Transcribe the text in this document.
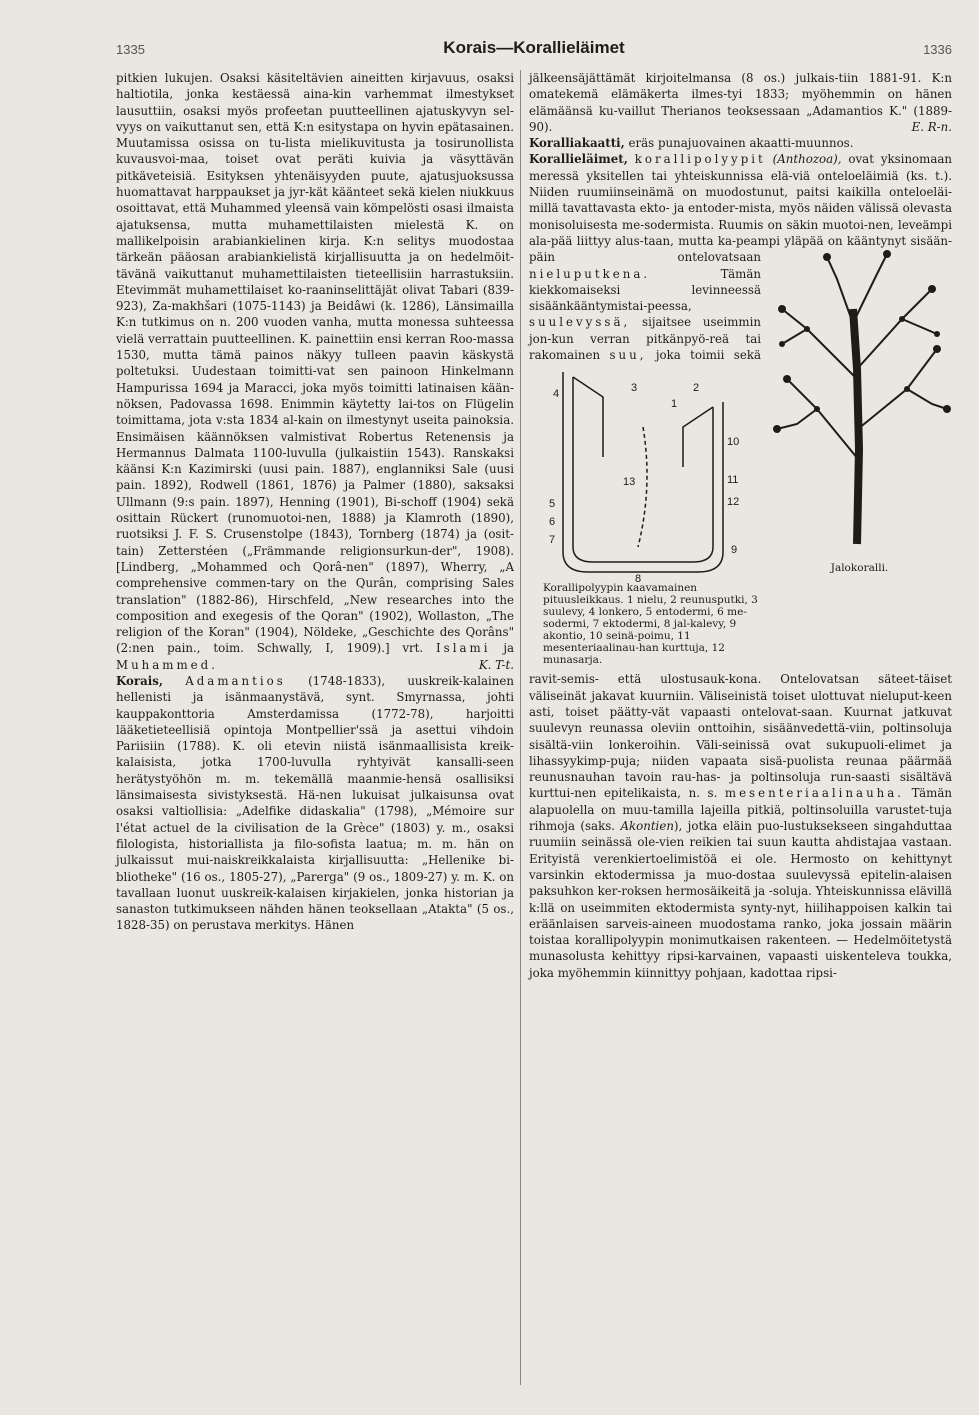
1335	Korais—Korallieläimet	1336

pitkien lukujen. Osaksi käsiteltävien aineitten kirjavuus, osaksi haltiotila, jonka kestäessä aina-kin varhemmat ilmestykset lausuttiin, osaksi myös profeetan puutteellinen ajatuskyvyn sel-vyys on vaikuttanut sen, että K:n esitystapa on hyvin epätasainen. Muutamissa osissa on tu-lista mielikuvitusta ja tosirunollista kuvausvoi-maa, toiset ovat peräti kuivia ja väsyttävän pitkäveteisiä. Esityksen yhtenäisyyden puute, ajatusjuoksussa huomattavat harppaukset ja jyr-kät käänteet sekä kielen niukkuus osoittavat, että Muhammed yleensä vain kömpelösti osasi ilmaista ajatuksensa, mutta muhamettilaisten mielestä K. on mallikelpoisin arabiankielinen kirja. K:n selitys muodostaa tärkeän pääosan arabiankielistä kirjallisuutta ja on hedelmöit-tävänä vaikuttanut muhamettilaisten tieteellisiin harrastuksiin. Etevimmät muhamettilaiset ko-raaninselittäjät olivat Tabari (839-923), Za-makhšari (1075-1143) ja Beidâwi (k. 1286), Länsimailla K:n tutkimus on n. 200 vuoden vanha, mutta monessa suhteessa vielä verrattain puutteellinen. K. painettiin ensi kerran Roo-massa 1530, mutta tämä painos näkyy tulleen paavin käskystä poltetuksi. Uudestaan toimitti-vat sen painoon Hinkelmann Hampurissa 1694 ja Maracci, joka myös toimitti latinaisen kään-nöksen, Padovassa 1698. Enimmin käytetty lai-tos on Flügelin toimittama, jota v:sta 1834 al-kain on ilmestynyt useita painoksia. Ensimäisen käännöksen valmistivat Robertus Retenensis ja Hermannus Dalmata 1100-luvulla (julkaistiin 1543). Ranskaksi käänsi K:n Kazimirski (uusi pain. 1887), englanniksi Sale (uusi pain. 1892), Rodwell (1861, 1876) ja Palmer (1880), saksaksi Ullmann (9:s pain. 1897), Henning (1901), Bi-schoff (1904) sekä osittain Rückert (runomuotoi-nen, 1888) ja Klamroth (1890), ruotsiksi J. F. S. Crusenstolpe (1843), Tornberg (1874) ja (osit-tain) Zetterstéen („Främmande religionsurkun-der", 1908). [Lindberg, „Mohammed och Qorâ-nen" (1897), Wherry, „A comprehensive commen-tary on the Qurân, comprising Sales translation" (1882-86), Hirschfeld, „New researches into the composition and exegesis of the Qoran" (1902), Wollaston, „The religion of the Koran" (1904), Nöldeke, „Geschichte des Qorâns" (2:nen pain., toim. Schwally, I, 1909).] vrt. Islami ja Muhammed.	K. T-t.

Korais, Adamantios (1748-1833), uuskreik-kalainen hellenisti ja isänmaanystävä, synt. Smyrnassa, johti kauppakonttoria Amsterdamissa (1772-78), harjoitti lääketieteellisiä opintoja Montpellier'ssä ja asettui vihdoin Pariisiin (1788). K. oli etevin niistä isänmaallisista kreik-kalaisista, jotka 1700-luvulla ryhtyivät kansalli-seen herätystyöhön m. m. tekemällä maanmie-hensä osallisiksi länsimaisesta sivistyksestä. Hä-nen lukuisat julkaisunsa ovat osaksi valtiollisia: „Adelfike didaskalia" (1798), „Mémoire sur l'état actuel de la civilisation de la Grèce" (1803) y. m., osaksi filologista, historiallista ja filo-sofista laatua; m. m. hän on julkaissut mui-naiskreikkalaista kirjallisuutta: „Hellenike bi-bliotheke" (16 os., 1805-27), „Parerga" (9 os., 1809-27) y. m. K. on tavallaan luonut uuskreik-kalaisen kirjakielen, jonka historian ja sanaston tutkimukseen nähden hänen teoksellaan „Atakta" (5 os., 1828-35) on perustava merkitys. Hänen

jälkeensäjättämät kirjoitelmansa (8 os.) julkais-tiin 1881-91. K:n omatekemä elämäkerta ilmes-tyi 1833; myöhemmin on hänen elämäänsä ku-vaillut Therianos teoksessaan „Adamantios K." (1889-90).	E. R-n.

Koralliakaatti, eräs punajuovainen akaatti-muunnos.

Korallieläimet, korallipolyypit (Anthozoa), ovat yksinomaan meressä yksitellen tai yhteiskunnissa elä-viä onteloeläimiä (ks. t.). Niiden ruumiinseinämä on muodostunut, paitsi kaikilla onteloeläi-millä tavattavasta ekto- ja entoder-mista, myös näiden välissä olevasta monisoluisesta me-sodermista. Ruumis on säkin muotoi-nen, leveämpi ala-pää liittyy alus-taan, mutta ka-peampi yläpää on kääntynyt sisään-päin ontelovatsaan
Jalokoralli.
nieluputkena.	Tämän kiekkomaiseksi levinneessä sisäänkääntymistai-peessa, suulevyssä, sijaitsee useimmin jon-kun verran pitkänpyö-reä tai rakomainen suu,
1
2
3
4
5
6
7
8
9
10
11
12
13
Korallipolyypin kaavamainen pituusleikkaus. 1 nielu, 2 reunusputki, 3 suulevy, 4 lonkero, 5 entodermi, 6 me-sodermi, 7 ektodermi, 8 jal-kalevy, 9 akontio, 10 seinä-poimu, 11 mesenteriaalinau-han kurttuja, 12 munasarja.
joka toimii sekä ravit-semis- että ulostusauk-kona. Ontelovatsan säteet-täiset väliseinät jakavat kuurniin. Väliseinistä toiset ulottuvat nieluput-keen asti, toiset päätty-vät vapaasti ontelovat-saan. Kuurnat jatkuvat suulevyn reunassa oleviin onttoihin, sisäänvedettä-viin, poltinsoluja sisältä-viin lonkeroihin. Väli-seinissä ovat sukupuoli-elimet ja lihassyykimp-puja; niiden vapaata sisä-puolista reunaa päärmää reunusnauhan tavoin rau-has- ja poltinsoluja run-saasti sisältävä kurttui-nen epitelikaista, n. s. mesenteriaalinauha. Tämän alapuolella on muu-tamilla lajeilla pitkiä, poltinsoluilla varustet-tuja rihmoja (saks. Akontien), jotka eläin puo-lustuksekseen singahduttaa ruumiin seinässä ole-vien reikien tai suun kautta ahdistajaa vastaan. Erityistä verenkiertoelimistöä ei ole. Hermosto on kehittynyt varsinkin ektodermissa ja muo-dostaa suulevyssä epitelin-alaisen paksuhkon ker-roksen hermosäikeitä ja -soluja. Yhteiskunnissa elävillä k:llä on useimmiten ektodermista synty-nyt, hiilihappoisen kalkin tai eräänlaisen sarveis-aineen muodostama ranko, joka jossain määrin toistaa korallipolyypin monimutkaisen rakenteen. — Hedelmöitetystä munasolusta kehittyy ripsi-karvainen, vapaasti uiskenteleva toukka, joka myöhemmin kiinnittyy pohjaan, kadottaa ripsi-
